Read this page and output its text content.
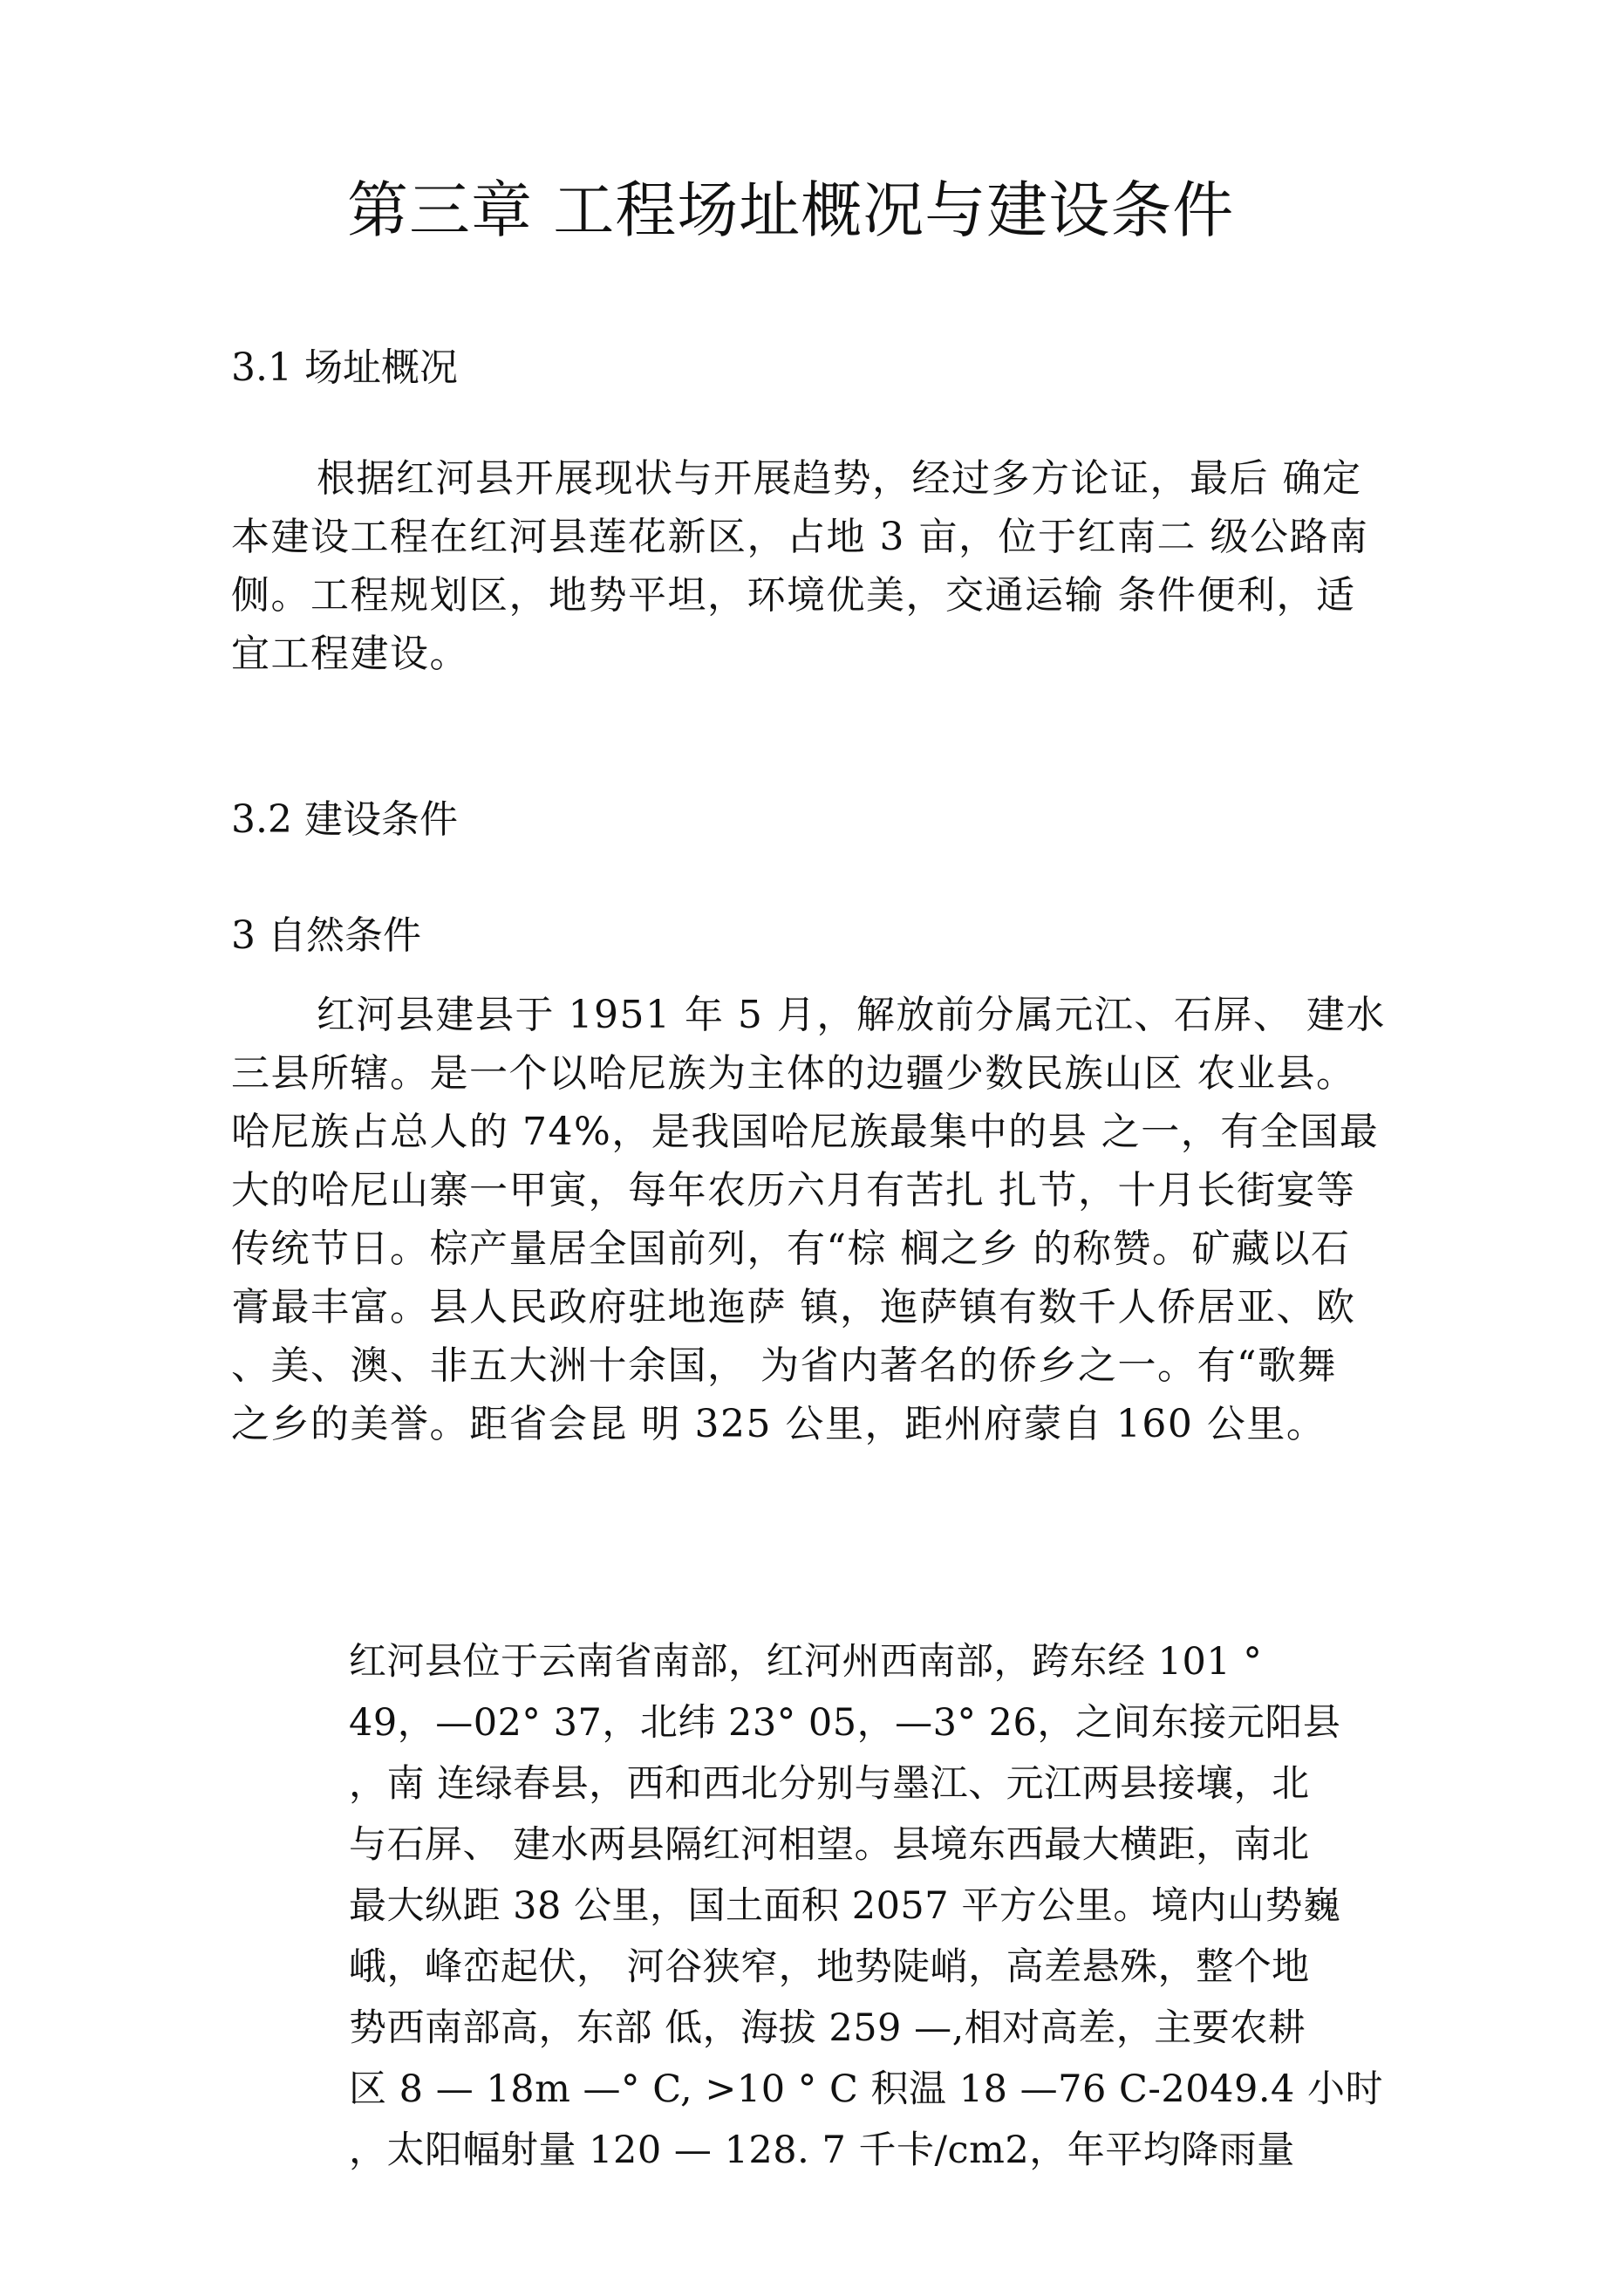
第三章 工程场址概况与建设条件
3.1 场址概况
根据红河县开展现状与开展趋势，经过多方论证，最后 确定
本建设工程在红河县莲花新区，占地 3 亩，位于红南二 级公路南
侧。工程规划区，地势平坦，环境优美，交通运输 条件便利，适
宜工程建设。
3.2 建设条件
3 自然条件
红河县建县于 1951 年 5 月，解放前分属元江、石屏、 建水
三县所辖。是一个以哈尼族为主体的边疆少数民族山区 农业县。
哈尼族占总人的 74%，是我国哈尼族最集中的县 之一，有全国最
大的哈尼山寨一甲寅，每年农历六月有苦扎 扎节，十月长街宴等
传统节日。棕产量居全国前列，有“棕 榈之乡 的称赞。矿藏以石
膏最丰富。县人民政府驻地迤萨 镇，迤萨镇有数千人侨居亚、欧
、美、澳、非五大洲十余国， 为省内著名的侨乡之一。有“歌舞
之乡的美誉。距省会昆 明 325 公里，距州府蒙自 160 公里。
红河县位于云南省南部，红河州西南部，跨东经 101 °
49，—02° 37，北纬 23° 05，—3° 26，之间东接元阳县
，南 连绿春县，西和西北分别与墨江、元江两县接壤，北
与石屏、 建水两县隔红河相望。县境东西最大横距，南北
最大纵距 38 公里，国土面积 2057 平方公里。境内山势巍
峨，峰峦起伏， 河谷狭窄，地势陡峭，高差悬殊，整个地
势西南部高，东部 低，海拔 259 —,相对高差，主要农耕
区 8 — 18m —° C, >10 ° C 积温 18 —76 C-2049.4 小时
，太阳幅射量 120 — 128. 7 千卡/cm2，年平均降雨量
